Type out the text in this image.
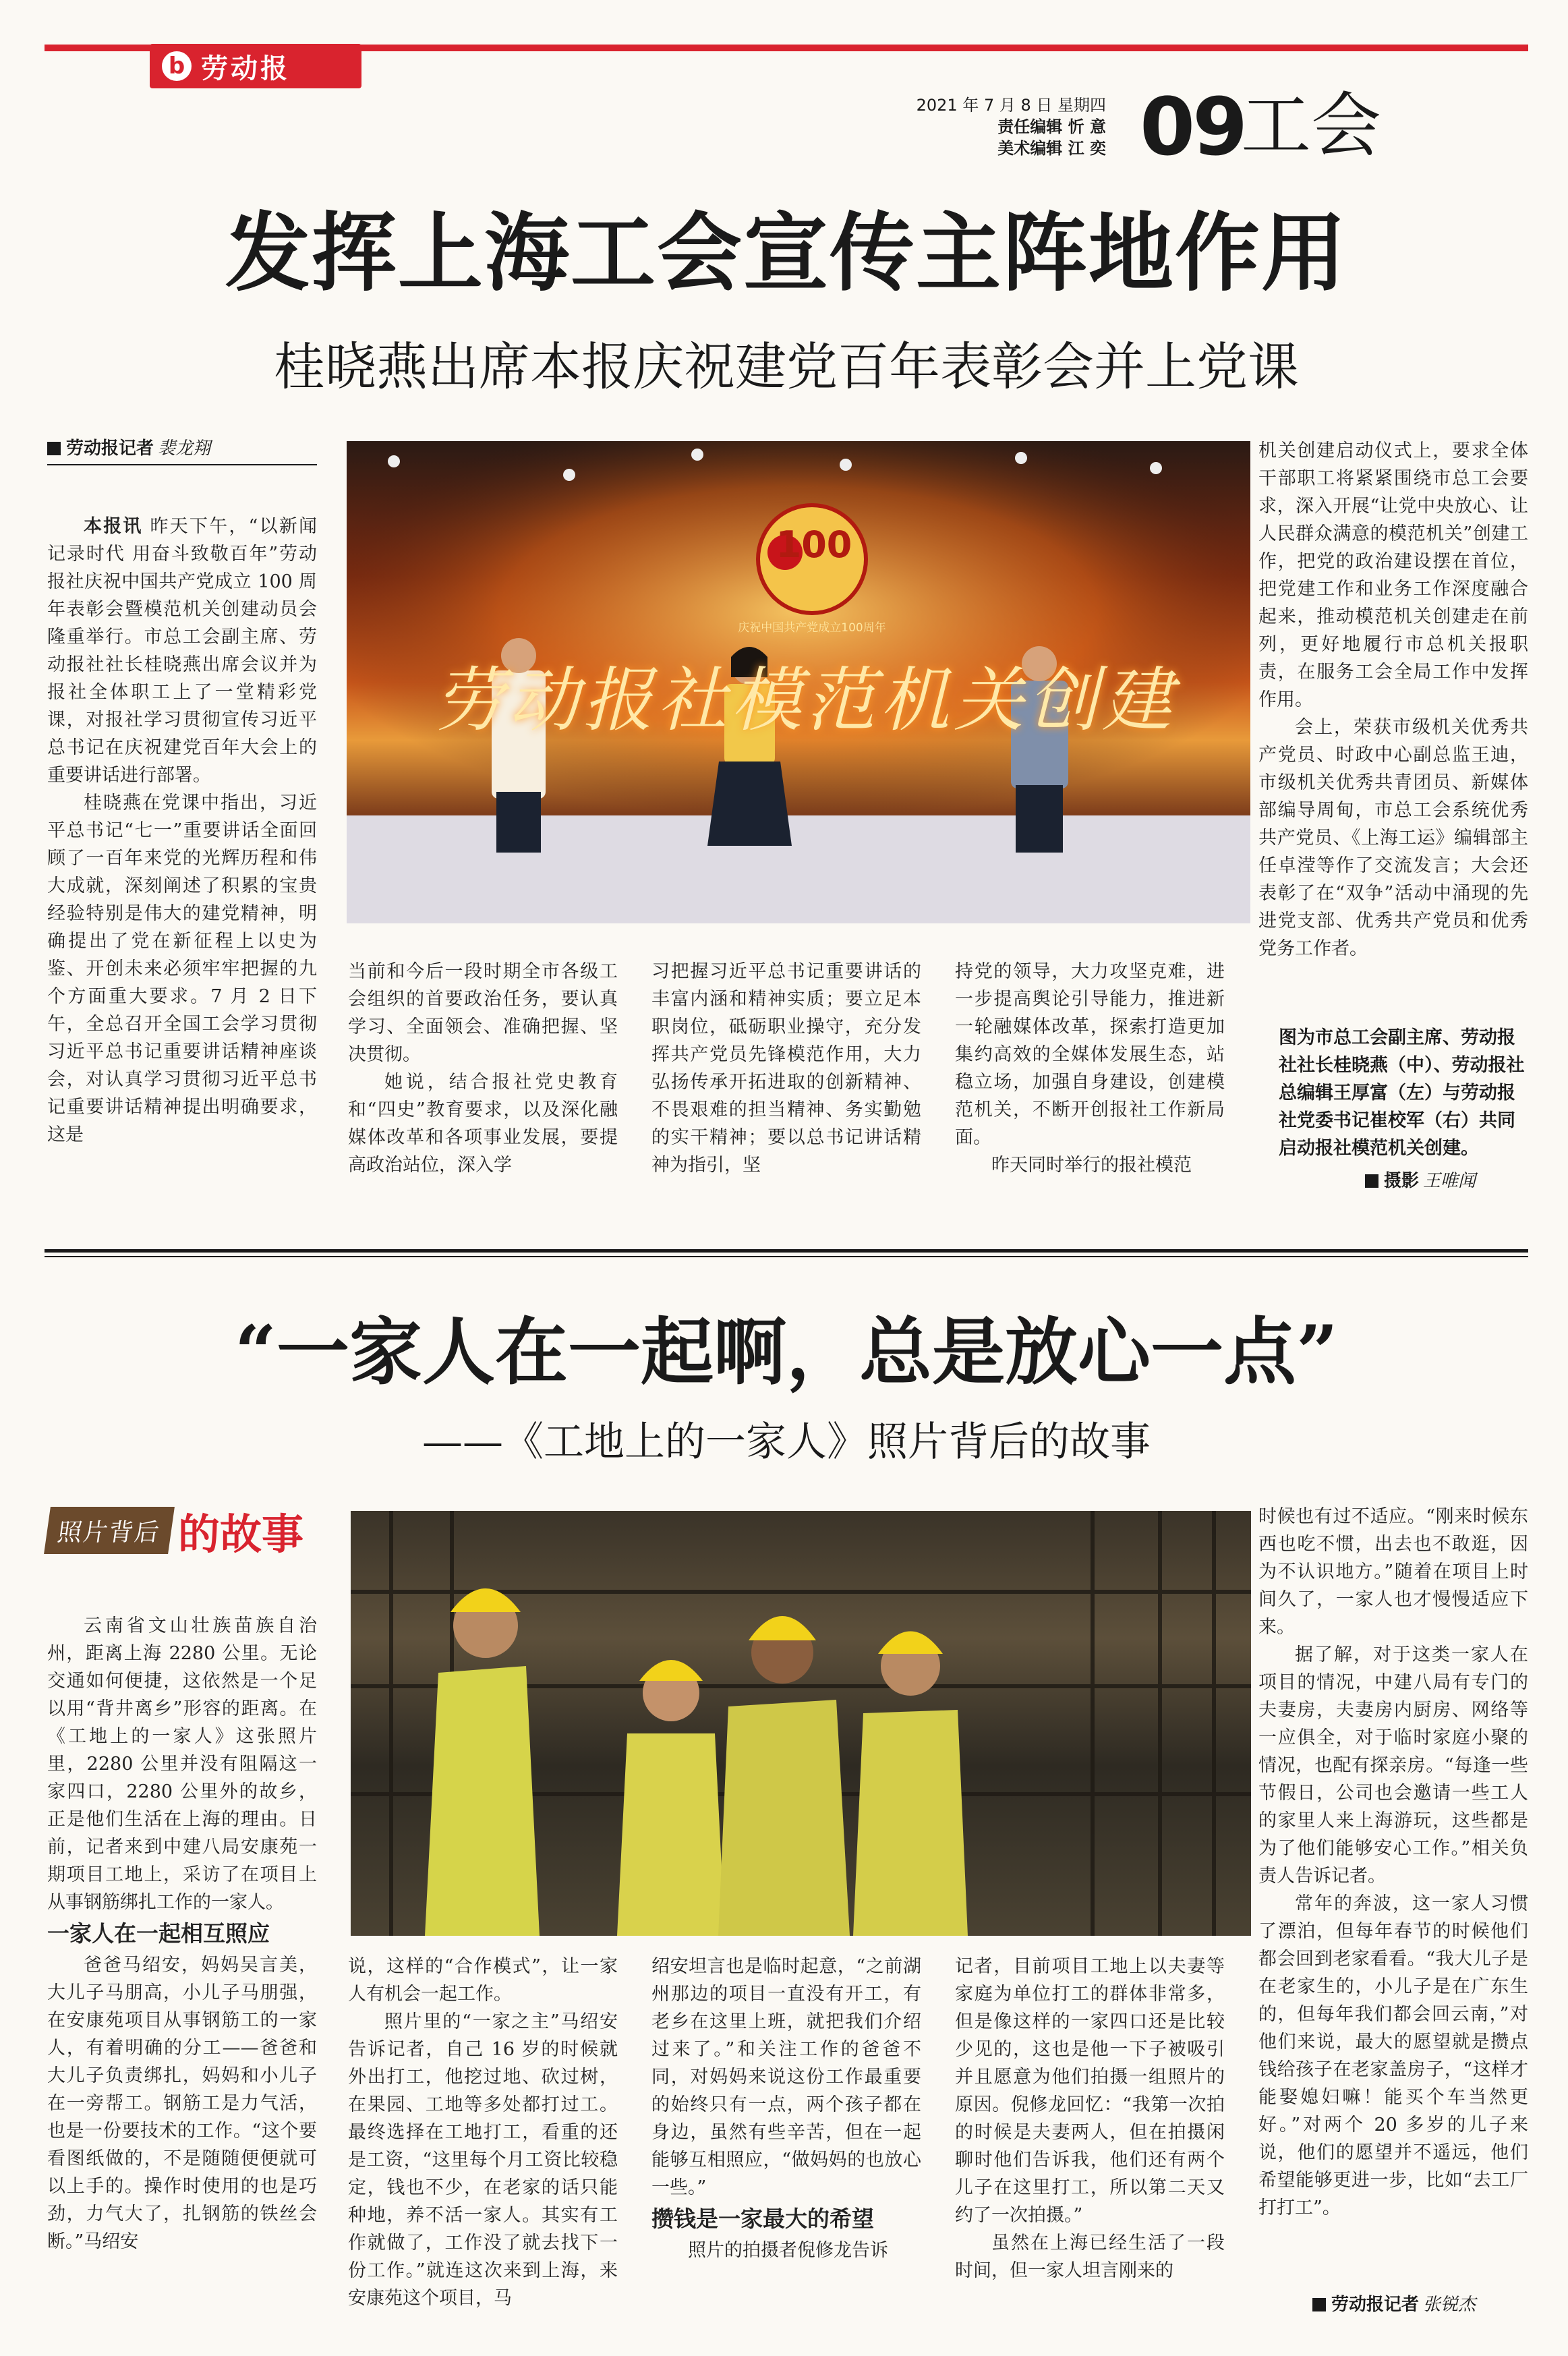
b 劳动报
2021 年 7 月 8 日 星期四
责任编辑 忻 意
美术编辑 江 奕 09
工会
发挥上海工会宣传主阵地作用
桂晓燕出席本报庆祝建党百年表彰会并上党课
劳动报记者 裴龙翔

本报讯 昨天下午，“以新闻记录时代 用奋斗致敬百年”劳动报社庆祝中国共产党成立 100 周年表彰会暨模范机关创建动员会隆重举行。市总工会副主席、劳动报社社长桂晓燕出席会议并为报社全体职工上了一堂精彩党课，对报社学习贯彻宣传习近平总书记在庆祝建党百年大会上的重要讲话进行部署。

桂晓燕在党课中指出，习近平总书记“七一”重要讲话全面回顾了一百年来党的光辉历程和伟大成就，深刻阐述了积累的宝贵经验特别是伟大的建党精神，明确提出了党在新征程上以史为鉴、开创未来必须牢牢把握的九个方面重大要求。7 月 2 日下午，全总召开全国工会学习贯彻习近平总书记重要讲话精神座谈会，对认真学习贯彻习近平总书记重要讲话精神提出明确要求，这是

100
庆祝中国共产党成立100周年
劳动报社模范机关创建

当前和今后一段时期全市各级工会组织的首要政治任务，要认真学习、全面领会、准确把握、坚决贯彻。

她说，结合报社党史教育和“四史”教育要求，以及深化融媒体改革和各项事业发展，要提高政治站位，深入学

习把握习近平总书记重要讲话的丰富内涵和精神实质；要立足本职岗位，砥砺职业操守，充分发挥共产党员先锋模范作用，大力弘扬传承开拓进取的创新精神、不畏艰难的担当精神、务实勤勉的实干精神；要以总书记讲话精神为指引，坚

持党的领导，大力攻坚克难，进一步提高舆论引导能力，推进新一轮融媒体改革，探索打造更加集约高效的全媒体发展生态，站稳立场，加强自身建设，创建模范机关，不断开创报社工作新局面。

昨天同时举行的报社模范

机关创建启动仪式上，要求全体干部职工将紧紧围绕市总工会要求，深入开展“让党中央放心、让人民群众满意的模范机关”创建工作，把党的政治建设摆在首位，把党建工作和业务工作深度融合起来，推动模范机关创建走在前列，更好地履行市总机关报职责，在服务工会全局工作中发挥作用。

会上，荣获市级机关优秀共产党员、时政中心副总监王迪，市级机关优秀共青团员、新媒体部编导周甸，市总工会系统优秀共产党员、《上海工运》编辑部主任卓滢等作了交流发言；大会还表彰了在“双争”活动中涌现的先进党支部、优秀共产党员和优秀党务工作者。

图为市总工会副主席、劳动报社社长桂晓燕（中）、劳动报社总编辑王厚富（左）与劳动报社党委书记崔校军（右）共同启动报社模范机关创建。
摄影 王唯闻
“一家人在一起啊，总是放心一点”
——《工地上的一家人》照片背后的故事
照片背后 的故事

云南省文山壮族苗族自治州，距离上海 2280 公里。无论交通如何便捷，这依然是一个足以用“背井离乡”形容的距离。在《工地上的一家人》这张照片里，2280 公里并没有阻隔这一家四口，2280 公里外的故乡，正是他们生活在上海的理由。日前，记者来到中建八局安康苑一期项目工地上，采访了在项目上从事钢筋绑扎工作的一家人。

一家人在一起相互照应

爸爸马绍安，妈妈吴言美，大儿子马朋高，小儿子马朋强，在安康苑项目从事钢筋工的一家人，有着明确的分工——爸爸和大儿子负责绑扎，妈妈和小儿子在一旁帮工。钢筋工是力气活，也是一份要技术的工作。“这个要看图纸做的，不是随随便便就可以上手的。操作时使用的也是巧劲，力气大了，扎钢筋的铁丝会断。”马绍安

说，这样的“合作模式”，让一家人有机会一起工作。

照片里的“一家之主”马绍安告诉记者，自己 16 岁的时候就外出打工，他挖过地、砍过树，在果园、工地等多处都打过工。最终选择在工地打工，看重的还是工资，“这里每个月工资比较稳定，钱也不少，在老家的话只能种地，养不活一家人。其实有工作就做了，工作没了就去找下一份工作。”就连这次来到上海，来安康苑这个项目，马

绍安坦言也是临时起意，“之前湖州那边的项目一直没有开工，有老乡在这里上班，就把我们介绍过来了。”和关注工作的爸爸不同，对妈妈来说这份工作最重要的始终只有一点，两个孩子都在身边，虽然有些辛苦，但在一起能够互相照应，“做妈妈的也放心一些。”

攒钱是一家最大的希望

照片的拍摄者倪修龙告诉

记者，目前项目工地上以夫妻等家庭为单位打工的群体非常多，但是像这样的一家四口还是比较少见的，这也是他一下子被吸引并且愿意为他们拍摄一组照片的原因。倪修龙回忆：“我第一次拍的时候是夫妻两人，但在拍摄闲聊时他们告诉我，他们还有两个儿子在这里打工，所以第二天又约了一次拍摄。”

虽然在上海已经生活了一段时间，但一家人坦言刚来的

时候也有过不适应。“刚来时候东西也吃不惯，出去也不敢逛，因为不认识地方。”随着在项目上时间久了，一家人也才慢慢适应下来。

据了解，对于这类一家人在项目的情况，中建八局有专门的夫妻房，夫妻房内厨房、网络等一应俱全，对于临时家庭小聚的情况，也配有探亲房。“每逢一些节假日，公司也会邀请一些工人的家里人来上海游玩，这些都是为了他们能够安心工作。”相关负责人告诉记者。

常年的奔波，这一家人习惯了漂泊，但每年春节的时候他们都会回到老家看看。“我大儿子是在老家生的，小儿子是在广东生的，但每年我们都会回云南，”对他们来说，最大的愿望就是攒点钱给孩子在老家盖房子，“这样才能娶媳妇嘛！能买个车当然更好。”对两个 20 多岁的儿子来说，他们的愿望并不遥远，他们希望能够更进一步，比如“去工厂打打工”。

劳动报记者 张锐杰
